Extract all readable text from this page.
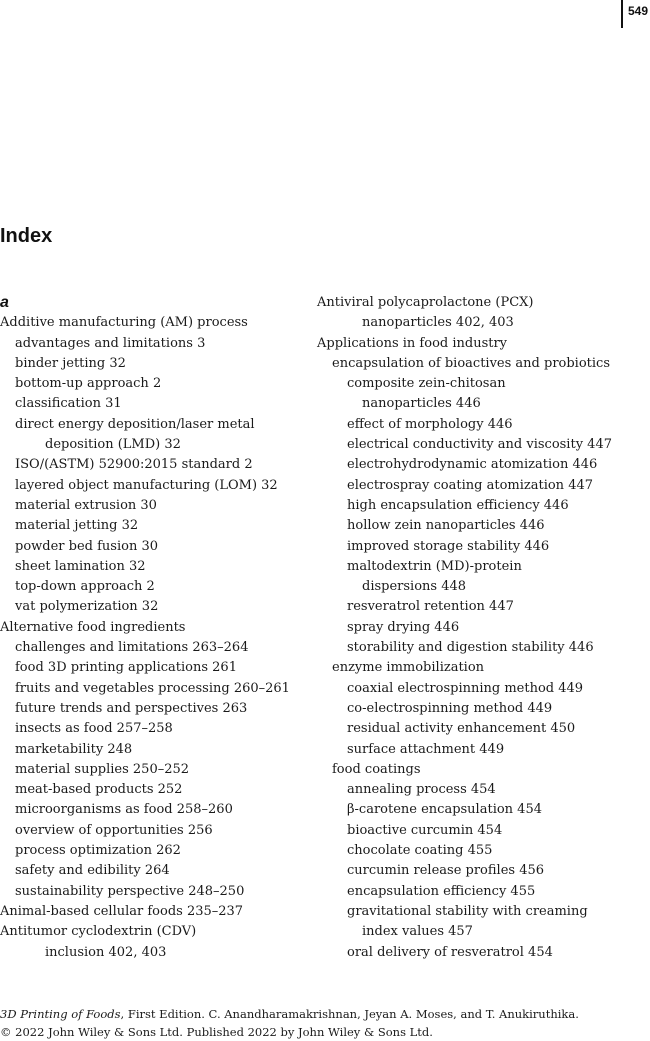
549
Index
a
Additive manufacturing (AM) process
advantages and limitations 3
binder jetting 32
bottom-up approach 2
classification 31
direct energy deposition/laser metal
deposition (LMD) 32
ISO/(ASTM) 52900:2015 standard 2
layered object manufacturing (LOM) 32
material extrusion 30
material jetting 32
powder bed fusion 30
sheet lamination 32
top-down approach 2
vat polymerization 32
Alternative food ingredients
challenges and limitations 263–264
food 3D printing applications 261
fruits and vegetables processing 260–261
future trends and perspectives 263
insects as food 257–258
marketability 248
material supplies 250–252
meat-based products 252
microorganisms as food 258–260
overview of opportunities 256
process optimization 262
safety and edibility 264
sustainability perspective 248–250
Animal-based cellular foods 235–237
Antitumor cyclodextrin (CDV)
inclusion 402, 403
Antiviral polycaprolactone (PCX)
nanoparticles 402, 403
Applications in food industry
encapsulation of bioactives and probiotics
composite zein-chitosan
nanoparticles 446
effect of morphology 446
electrical conductivity and viscosity 447
electrohydrodynamic atomization 446
electrospray coating atomization 447
high encapsulation efficiency 446
hollow zein nanoparticles 446
improved storage stability 446
maltodextrin (MD)-protein
dispersions 448
resveratrol retention 447
spray drying 446
storability and digestion stability 446
enzyme immobilization
coaxial electrospinning method 449
co-electrospinning method 449
residual activity enhancement 450
surface attachment 449
food coatings
annealing process 454
β-carotene encapsulation 454
bioactive curcumin 454
chocolate coating 455
curcumin release profiles 456
encapsulation efficiency 455
gravitational stability with creaming
index values 457
oral delivery of resveratrol 454
3D Printing of Foods, First Edition. C. Anandharamakrishnan, Jeyan A. Moses, and T. Anukiruthika.
© 2022 John Wiley & Sons Ltd. Published 2022 by John Wiley & Sons Ltd.
